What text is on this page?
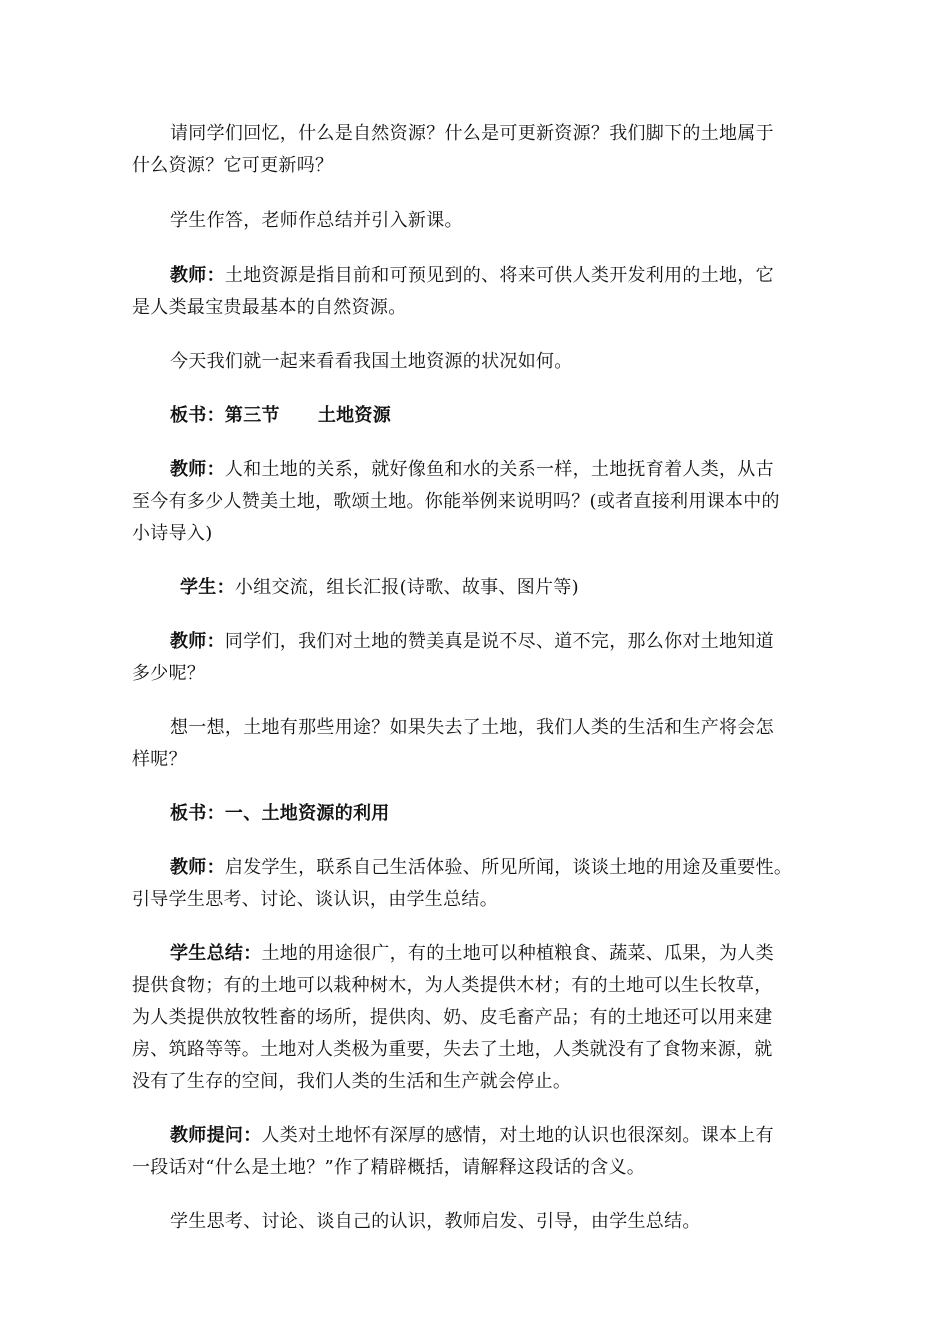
请同学们回忆，什么是自然资源？什么是可更新资源？我们脚下的土地属于
什么资源？它可更新吗？
学生作答，老师作总结并引入新课。
教师：土地资源是指目前和可预见到的、将来可供人类开发利用的土地，它
是人类最宝贵最基本的自然资源。
今天我们就一起来看看我国土地资源的状况如何。
板书：第三节 土地资源
教师：人和土地的关系，就好像鱼和水的关系一样，土地抚育着人类，从古
至今有多少人赞美土地，歌颂土地。你能举例来说明吗？(或者直接利用课本中的
小诗导入)
学生：小组交流，组长汇报(诗歌、故事、图片等)
教师：同学们，我们对土地的赞美真是说不尽、道不完，那么你对土地知道
多少呢？
想一想，土地有那些用途？如果失去了土地，我们人类的生活和生产将会怎
样呢？
板书：一、土地资源的利用
教师：启发学生，联系自己生活体验、所见所闻，谈谈土地的用途及重要性。
引导学生思考、讨论、谈认识，由学生总结。
学生总结：土地的用途很广，有的土地可以种植粮食、蔬菜、瓜果，为人类
提供食物；有的土地可以栽种树木，为人类提供木材；有的土地可以生长牧草，
为人类提供放牧牲畜的场所，提供肉、奶、皮毛畜产品；有的土地还可以用来建
房、筑路等等。土地对人类极为重要，失去了土地，人类就没有了食物来源，就
没有了生存的空间，我们人类的生活和生产就会停止。
教师提问：人类对土地怀有深厚的感情，对土地的认识也很深刻。课本上有
一段话对“什么是土地？”作了精辟概括，请解释这段话的含义。
学生思考、讨论、谈自己的认识，教师启发、引导，由学生总结。
